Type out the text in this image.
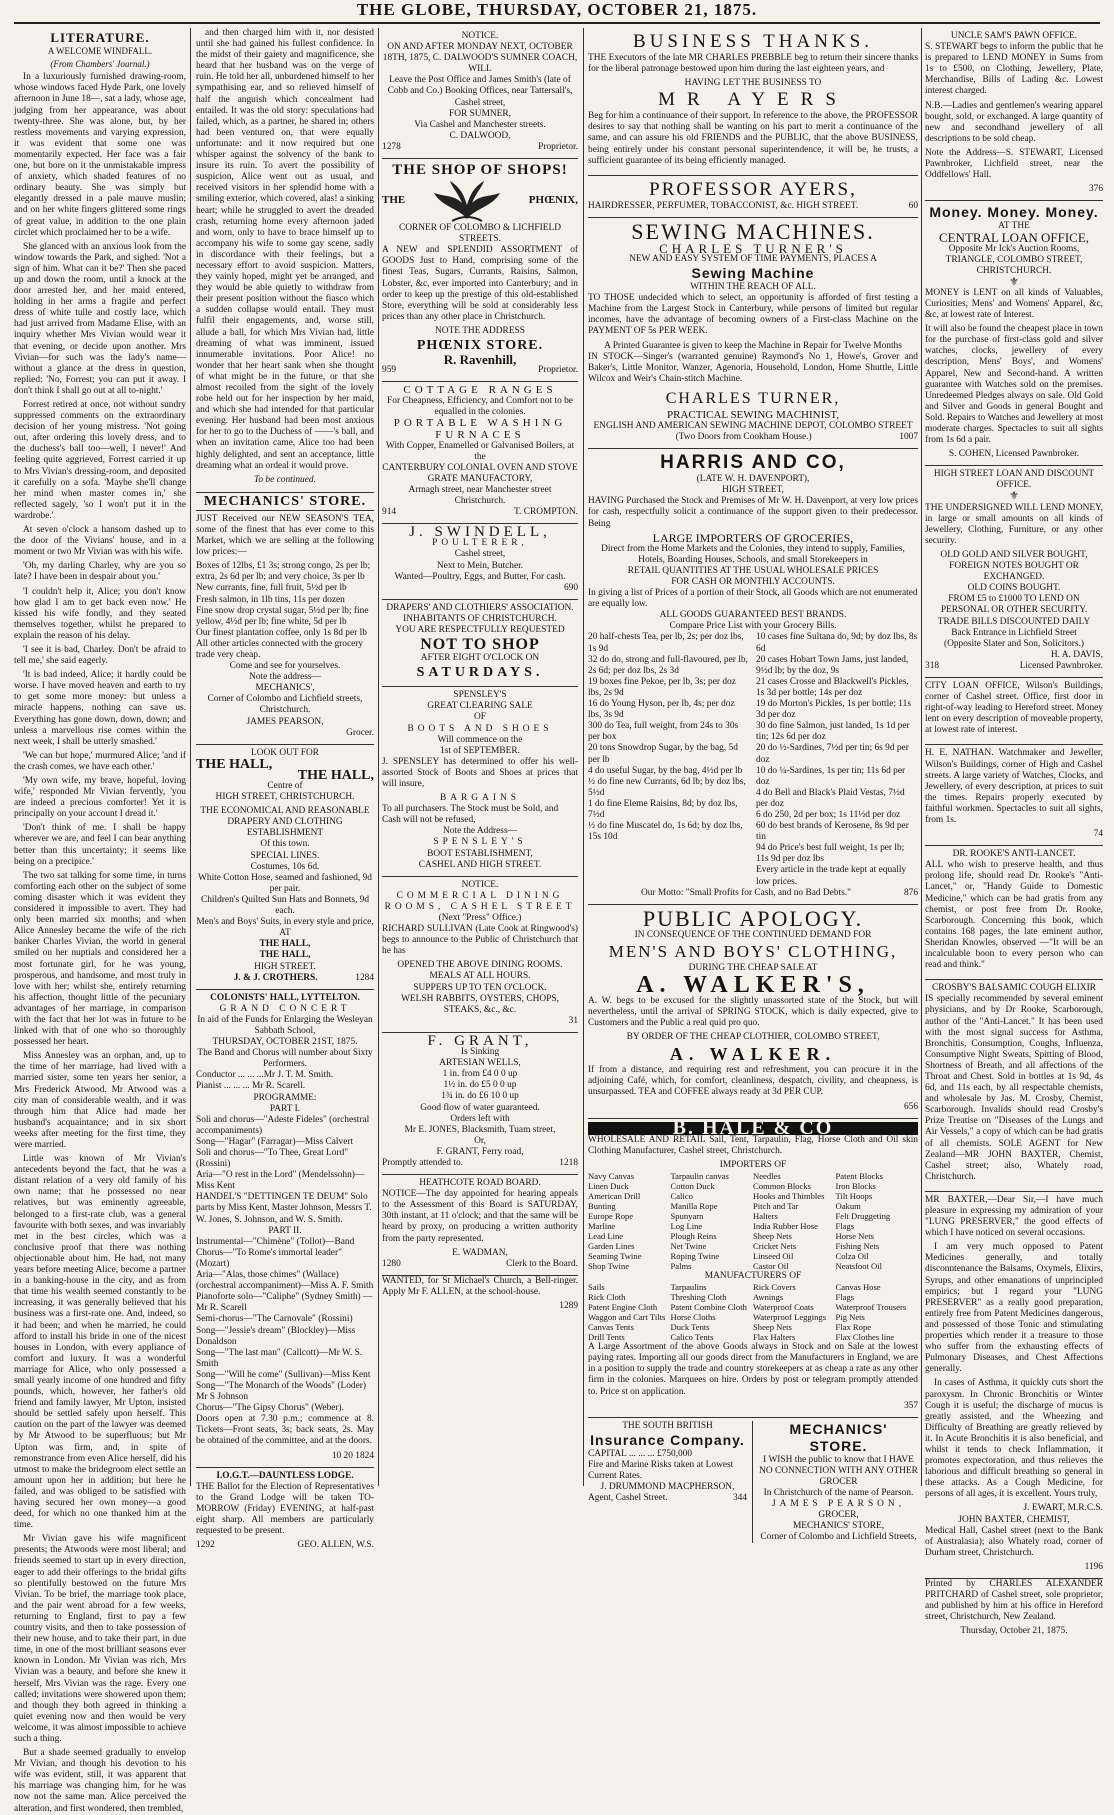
THE GLOBE, THURSDAY, OCTOBER 21, 1875.
LITERATURE.
A WELCOME WINDFALL.
(From Chambers' Journal.)

In a luxuriously furnished drawing-room, whose windows faced Hyde Park, one lovely afternoon in June 18—, sat a lady, whose age, judging from her appearance, was about twenty-three. She was alone, but, by her restless movements and varying expression, it was evident that some one was momentarily expected. Her face was a fair one, but bore on it the unmistakable impress of anxiety, which shaded features of no ordinary beauty. She was simply but elegantly dressed in a pale mauve muslin; and on her white fingers glittered some rings of great value, in addition to the one plain circlet which proclaimed her to be a wife.

She glanced with an anxious look from the window towards the Park, and sighed. 'Not a sign of him. What can it be?' Then she paced up and down the room, until a knock at the door arrested her, and her maid entered, holding in her arms a fragile and perfect dress of white tulle and costly lace, which had just arrived from Madame Elise, with an inquiry whether Mrs Vivian would wear it that evening, or decide upon another. Mrs Vivian—for such was the lady's name—without a glance at the dress in question, replied: 'No, Forrest; you can put it away. I don't think I shall go out at all to-night.'

Forrest retired at once, not without sundry suppressed comments on the extraordinary decision of her young mistress. 'Not going out, after ordering this lovely dress, and to the duchess's ball too—well, I never!' And feeling quite aggrieved, Forrest carried it up to Mrs Vivian's dressing-room, and deposited it carefully on a sofa. 'Maybe she'll change her mind when master comes in,' she reflected sagely, 'so I won't put it in the wardrobe.'

At seven o'clock a hansom dashed up to the door of the Vivians' house, and in a moment or two Mr Vivian was with his wife.

'Oh, my darling Charley, why are you so late? I have been in despair about you.'

'I couldn't help it, Alice; you don't know how glad I am to get back even now.' He kissed his wife fondly, and they seated themselves together, whilst he prepared to explain the reason of his delay.

'I see it is bad, Charley. Don't be afraid to tell me,' she said eagerly.

'It is bad indeed, Alice; it hardly could be worse. I have moved heaven and earth to try to get some more money: but unless a miracle happens, nothing can save us. Everything has gone down, down, down; and unless a marvellous rise comes within the next week, I shall be utterly smashed.'

'We can but hope,' murmured Alice; 'and if the crash comes, we have each other.'

'My own wife, my brave, hopeful, loving wife,' responded Mr Vivian fervently, 'you are indeed a precious comforter! Yet it is principally on your account I dread it.'

'Don't think of me. I shall be happy wherever we are, and feel I can bear anything better than this uncertainty; it seems like being on a precipice.'

The two sat talking for some time, in turns comforting each other on the subject of some coming disaster which it was evident they considered it impossible to avert. They had only been married six months; and when Alice Annesley became the wife of the rich banker Charles Vivian, the world in general smiled on her nuptials and considered her a most fortunate girl, for he was young, prosperous, and handsome, and most truly in love with her; whilst she, entirely returning his affection, thought little of the pecuniary advantages of her marriage, in comparison with the fact that her lot was in future to be linked with that of one who so thoroughly possessed her heart.

Miss Annesley was an orphan, and, up to the time of her marriage, had lived with a married sister, some ten years her senior, a Mrs Frederick Atwood. Mr Atwood was a city man of considerable wealth, and it was through him that Alice had made her husband's acquaintance; and in six short weeks after meeting for the first time, they were married.

Little was known of Mr Vivian's antecedents beyond the fact, that he was a distant relation of a very old family of his own name; that he possessed no near relatives, but was eminently agreeable, belonged to a first-rate club, was a general favourite with both sexes, and was invariably met in the best circles, which was a conclusive proof that there was nothing objectionable about him. He had, not many years before meeting Alice, become a partner in a banking-house in the city, and as from that time his wealth seemed constantly to be increasing, it was generally believed that his business was a first-rate one. And, indeed, so it had been; and when he married, he could afford to install his bride in one of the nicest houses in London, with every appliance of comfort and luxury. It was a wonderful marriage for Alice, who only possessed a small yearly income of one hundred and fifty pounds, which, however, her father's old friend and family lawyer, Mr Upton, insisted should be settled safely upon herself. This caution on the part of the lawyer was deemed by Mr Atwood to be superfluous; but Mr Upton was firm, and, in spite of remonstrance from even Alice herself, did his utmost to make the bridegroom elect settle an amount upon her in addition; but here he failed, and was obliged to be satisfied with having secured her own money—a good deed, for which no one thanked him at the time.

Mr Vivian gave his wife magnificent presents; the Atwoods were most liberal; and friends seemed to start up in every direction, eager to add their offerings to the bridal gifts so plentifully bestowed on the future Mrs Vivian. To be brief, the marriage took place, and the pair went abroad for a few weeks, returning to England, first to pay a few country visits, and then to take possession of their new house, and to take their part, in due time, in one of the most brilliant seasons ever known in London. Mr Vivian was rich, Mrs Vivian was a beauty, and before she knew it herself, Mrs Vivian was the rage. Every one called; invitations were showered upon them; and though they both agreed in thinking a quiet evening now and then would be very welcome, it was almost impossible to achieve such a thing.

But a shade seemed gradually to envelop Mr Vivian, and though his devotion to his wife was evident, still, it was apparent that his marriage was changing him, for he was now not the same man. Alice perceived the alteration, and first wondered, then trembled,

and then charged him with it, nor desisted until she had gained his fullest confidence. In the midst of their gaiety and magnificence, she heard that her husband was on the verge of ruin. He told her all, unburdened himself to her sympathising ear, and so relieved himself of half the anguish which concealment had entailed. It was the old story: speculations had failed, which, as a partner, he shared in; others had been ventured on, that were equally unfortunate: and it now required but one whisper against the solvency of the bank to insure its ruin. To avert the possibility of suspicion, Alice went out as usual, and received visitors in her splendid home with a smiling exterior, which covered, alas! a sinking heart; while he struggled to avert the dreaded crash, returning home every afternoon jaded and worn, only to have to brace himself up to accompany his wife to some gay scene, sadly in discordance with their feelings, but a necessary effort to avoid suspicion. Matters, they vainly hoped, might yet be arranged, and they would be able quietly to withdraw from their present position without the fiasco which a sudden collapse would entail. They must fulfil their engagements, and, worse still, allude a ball, for which Mrs Vivian had, little dreaming of what was imminent, issued innumerable invitations. Poor Alice! no wonder that her heart sank when she thought of what might be in the future, or that she almost recoiled from the sight of the lovely robe held out for her inspection by her maid, and which she had intended for that particular evening. Her husband had been most anxious for her to go to the Duchess of ——'s ball, and when an invitation came, Alice too had been highly delighted, and sent an acceptance, little dreaming what an ordeal it would prove.

To be continued.
MECHANICS' STORE.

JUST Received our NEW SEASON'S TEA, some of the finest that has ever come to this Market, which we are selling at the following low prices:—

Boxes of 12lbs, £1 3s; strong congo, 2s per lb; extra, 2s 6d per lb; and very choice, 3s per lb
New currants, fine, full fruit, 5½d per lb
Fresh salmon, in 1lb tins, 11s per dozen
Fine snow drop crystal sugar, 5½d per lb; fine yellow, 4½d per lb; fine white, 5d per lb
Our finest plantation coffee, only 1s 8d per lb
All other articles connected with the grocery trade very cheap.
Come and see for yourselves.
Note the address—
MECHANICS',
Corner of Colombo and Lichfield streets, Christchurch.
JAMES PEARSON,
Grocer.
LOOK OUT FOR
THE HALL,
THE HALL,
Centre of
HIGH STREET, CHRISTCHURCH.
THE ECONOMICAL AND REASONABLE DRAPERY AND CLOTHING ESTABLISHMENT
Of this town.
SPECIAL LINES.
Costumes, 10s 6d.
White Cotton Hose, seamed and fashioned, 9d per pair.
Children's Quilted Sun Hats and Bonnets, 9d each.
Men's and Boys' Suits, in every style and price,
AT
THE HALL,
THE HALL,
HIGH STREET.
J. & J. CROTHERS.	1284
COLONISTS' HALL, LYTTELTON.
GRAND CONCERT
In aid of the Funds for Enlarging the Wesleyan Sabbath School,
THURSDAY, OCTOBER 21ST, 1875.
The Band and Chorus will number about Sixty Performers.
Conductor ... ... ...Mr J. T. M. Smith.
Pianist ... ... ... Mr R. Scarell.
PROGRAMME:
PART I.
Soli and chorus—"Adeste Fideles" (orchestral accompaniments)
Song—"Hagar" (Farragar)—Miss Calvert
Soli and chorus—"To Thee, Great Lord" (Rossini)
Aria—"O rest in the Lord" (Mendelssohn)—Miss Kent
HANDEL'S "DETTINGEN TE DEUM" Solo parts by Miss Kent, Master Johnson, Messrs T. W. Jones, S. Johnson, and W. S. Smith.
PART II.
Instrumental—"Chimène" (Tollot)—Band
Chorus—"To Rome's immortal leader" (Mozart)
Aria—"Alas, those chimes" (Wallace) (orchestral accompaniment)—Miss A. F. Smith
Pianoforte solo—"Caliphe" (Sydney Smith) —Mr R. Scarell
Semi-chorus—"The Carnovale" (Rossini)
Song—"Jessie's dream" (Blockley)—Miss Donaldson
Song—"The last man" (Callcott)—Mr W. S. Smith
Song—"Will he come" (Sullivan)—Miss Kent
Song—"The Monarch of the Woods" (Loder) Mr S Johnson
Chorus—"The Gipsy Chorus" (Weber).

Doors open at 7.30 p.m.; commence at 8. Tickets—Front seats, 3s; back seats, 2s. May be obtained of the committee, and at the doors.

10 20 1824
I.O.G.T.—DAUNTLESS LODGE.

THE Ballot for the Election of Representatives to the Grand Lodge will be taken TO-MORROW (Friday) EVENING, at half-past eight sharp. All members are particularly requested to be present.

1292	GEO. ALLEN, W.S.
NOTICE.
ON AND AFTER MONDAY NEXT, OCTOBER 18TH, 1875, C. DALWOOD'S SUMNER COACH,
WILL
Leave the Post Office and James Smith's (late of Cobb and Co.) Booking Offices, near Tattersall's, Cashel street,
FOR SUMNER,
Via Cashel and Manchester streets.
C. DALWOOD,
1278	Proprietor.
THE SHOP OF SHOPS!
THE	PHŒNIX,
CORNER OF COLOMBO & LICHFIELD STREETS.

A NEW and SPLENDID ASSORTMENT of GOODS Just to Hand, comprising some of the finest Teas, Sugars, Currants, Raisins, Salmon, Lobster, &c, ever imported into Canterbury; and in order to keep up the prestige of this old-established Store, everything will be sold at considerably less prices than any other place in Christchurch.

NOTE THE ADDRESS
PHŒNIX STORE.
R. Ravenhill,
959	Proprietor.
COTTAGE RANGES
For Cheapness, Efficiency, and Comfort not to be equalled in the colonies.
PORTABLE WASHING FURNACES
With Copper, Enamelled or Galvanised Boilers, at the
CANTERBURY COLONIAL OVEN AND STOVE GRATE MANUFACTORY,
Armagh street, near Manchester street Christchurch.
914	T. CROMPTON.
J. SWINDELL,
POULTERER,
Cashel street,
Next to Mein, Butcher.
Wanted—Poultry, Eggs, and Butter, For cash.
690
DRAPERS' AND CLOTHIERS' ASSOCIATION.
INHABITANTS OF CHRISTCHURCH.
YOU ARE RESPECTFULLY REQUESTED
NOT TO SHOP
AFTER EIGHT O'CLOCK ON
SATURDAYS.
SPENSLEY'S
GREAT CLEARING SALE
OF
BOOTS AND SHOES
Will commence on the
1st of SEPTEMBER.

J. SPENSLEY has determined to offer his well-assorted Stock of Boots and Shoes at prices that will insure,

BARGAINS
To all purchasers. The Stock must be Sold, and Cash will not be refused,
Note the Address—
SPENSLEY'S
BOOT ESTABLISHMENT,
CASHEL AND HIGH STREET.
NOTICE.
COMMERCIAL DINING ROOMS, CASHEL STREET
(Next "Press" Office.)

RICHARD SULLIVAN (Late Cook at Ringwood's) begs to announce to the Public of Christchurch that he has

OPENED THE ABOVE DINING ROOMS.
MEALS AT ALL HOURS.
SUPPERS UP TO TEN O'CLOCK.
WELSH RABBITS, OYSTERS, CHOPS, STEAKS, &c., &c.
31
F. GRANT,
Is Sinking
ARTESIAN WELLS,
1 in. from £4 0 0 up
1½ in. do £5 0 0 up
1¾ in. do £6 10 0 up
Good flow of water guaranteed.
Orders left with
Mr E. JONES, Blacksmith, Tuam street,
Or,
F. GRANT, Ferry road,
Promptly attended to.	1218
HEATHCOTE ROAD BOARD.

NOTICE—The day appointed for hearing appeals to the Assessment of this Board is SATURDAY, 30th instant, at 11 o'clock; and that the same will be heard by proxy, on producing a written authority from the party represented.

E. WADMAN,
1280	Clerk to the Board.

WANTED, for St Michael's Church, a Bell-ringer. Apply Mr F. ALLEN, at the school-house.

1289
BUSINESS THANKS.

THE Executors of the late MR CHARLES PREBBLE beg to return their sincere thanks for the liberal patronage bestowed upon him during the last eighteen years, and

HAVING LET THE BUSINESS TO
MR AYERS

Beg for him a continuance of their support. In reference to the above, the PROFESSOR desires to say that nothing shall be wanting on his part to merit a continuance of the same, and can assure his old FRIENDS and the PUBLIC, that the above BUSINESS, being entirely under his constant personal superintendence, it will be, he trusts, a sufficient guarantee of its being efficiently managed.

PROFESSOR AYERS,
HAIRDRESSER, PERFUMER, TOBACCONIST, &c. HIGH STREET.	60
SEWING MACHINES.
CHARLES TURNER'S
NEW AND EASY SYSTEM OF TIME PAYMENTS, PLACES A
Sewing Machine
WITHIN THE REACH OF ALL.

TO THOSE undecided which to select, an opportunity is afforded of first testing a Machine from the Largest Stock in Canterbury, while persons of limited but regular incomes, have the advantage of becoming owners of a First-class Machine on the PAYMENT OF 5s PER WEEK.

A Printed Guarantee is given to keep the Machine in Repair for Twelve Months

IN STOCK—Singer's (warranted genuine) Raymond's No 1, Howe's, Grover and Baker's, Little Monitor, Wanzer, Agenoria, Household, London, Home Shuttle, Little Wilcox and Weir's Chain-stitch Machine.

CHARLES TURNER,
PRACTICAL SEWING MACHINIST,
ENGLISH AND AMERICAN SEWING MACHINE DEPOT, COLOMBO STREET
(Two Doors from Cookham House.)	1007
HARRIS AND CO,
(LATE W. H. DAVENPORT),
HIGH STREET,

HAVING Purchased the Stock and Premises of Mr W. H. Davenport, at very low prices for cash, respectfully solicit a continuance of the support given to their predecessor. Being

LARGE IMPORTERS OF GROCERIES,
Direct from the Home Markets and the Colonies, they intend to supply, Families, Hotels, Boarding Houses, Schools, and small Storekeepers in
RETAIL QUANTITIES AT THE USUAL WHOLESALE PRICES
FOR CASH OR MONTHLY ACCOUNTS.
In giving a list of Prices of a portion of their Stock, all Goods which are not enumerated are equally low.
ALL GOODS GUARANTEED BEST BRANDS.
Compare Price List with your Grocery Bills.
20 half-chests Tea, per lb, 2s; per doz lbs, 1s 9d
32 do do, strong and full-flavoured, per lb, 2s 6d; per doz lbs, 2s 3d
19 boxes fine Pekoe, per lb, 3s; per doz lbs, 2s 9d
16 do Young Hyson, per lb, 4s; per doz lbs, 3s 9d
300 do Tea, full weight, from 24s to 30s per box
20 tons Snowdrop Sugar, by the bag, 5d per lb
4 do useful Sugar, by the bag, 4½d per lb
½ do fine new Currants, 6d lb; by doz lbs, 5½d
1 do fine Eleme Raisins, 8d; by doz lbs, 7½d
½ do fine Muscatel do, 1s 6d; by doz lbs, 15s 10d
10 cases fine Sultana do, 9d; by doz lbs, 8s 6d
20 cases Hobart Town Jams, just landed, 9½d lb; by the doz, 9s
21 cases Crosse and Blackwell's Pickles, 1s 3d per bottle; 14s per doz
19 do Morton's Pickles, 1s per bottle; 11s 3d per doz
30 do fine Salmon, just landed, 1s 1d per tin; 12s 6d per doz
20 do ½-Sardines, 7½d per tin; 6s 9d per doz
10 do ¼-Sardines, 1s per tin; 11s 6d per doz
4 do Bell and Black's Plaid Vestas, 7½d per doz
6 do 250, 2d per box; 1s 11½d per doz
60 do best brands of Kerosene, 8s 9d per tin
94 do Price's best full weight, 1s per lb; 11s 9d per doz lbs
Every article in the trade kept at equally low prices.
Our Motto: "Small Profits for Cash, and no Bad Debts."	876
PUBLIC APOLOGY.
IN CONSEQUENCE OF THE CONTINUED DEMAND FOR
MEN'S AND BOYS' CLOTHING,
DURING THE CHEAP SALE AT
A. WALKER'S,

A. W. begs to be excused for the slightly unassorted state of the Stock, but will nevertheless, until the arrival of SPRING STOCK, which is daily expected, give to Customers and the Public a real quid pro quo.

BY ORDER OF THE CHEAP CLOTHIER, COLOMBO STREET,
A. WALKER.

If from a distance, and requiring rest and refreshment, you can procure it in the adjoining Café, which, for comfort, cleanliness, despatch, civility, and cheapness, is unsurpassed. TEA and COFFEE always ready at 3d PER CUP.

656
B. HALE & CO

WHOLESALE AND RETAIL Sail, Tent, Tarpaulin, Flag, Horse Cloth and Oil skin Clothing Manufacturer, Cashel street, Christchurch.

IMPORTERS OF
Navy Canvas	Tarpaulin canvas	Needles	Patent Blocks
Linen Duck	Cotton Duck	Common Blocks	Iron Blocks
American Drill	Calico	Hooks and Thimbles	Tilt Hoops
Bunting	Manilla Rope	Pitch and Tar	Oakum
Europe Rope	Spunyarn	Halters	Felt Druggeting
Marline	Log Line	India Rubber Hose	Flags
Lead Line	Plough Reins	Sheep Nets	Horse Nets
Garden Lines	Net Twine	Cricket Nets	Fishing Nets
Seaming Twine	Roping Twine	Linseed Oil	Colza Oil
Shop Twine	Palms	Castor Oil	Neatsfoot Oil
MANUFACTURERS OF
Sails	Tarpaulins	Rick Covers	Canvas Hose
Rick Cloth	Threshing Cloth	Awnings	Flags
Patent Engine Cloth	Patent Combine Cloth Waterproof Coats	Waterproof Trousers
Waggon and Cart Tilts Horse Cloths	Waterproof Leggings	Pig Nets
Canvas Tents	Duck Tents	Sheep Nets	Flax Rope
Drill Tents	Calico Tents	Flax Halters	Flax Clothes line

A Large Assortment of the above Goods always in Stock and on Sale at the lowest paying rates. Importing all our goods direct from the Manufacturers in England, we are in a position to supply the trade and country storekeepers at as cheap a rate as any other firm in the colonies. Marquees on hire. Orders by post or telegram promptly attended to. Price st on application.

357
THE SOUTH BRITISH
Insurance Company.
CAPITAL ... ... ... £750,000
Fire and Marine Risks taken at Lowest Current Rates.
J. DRUMMOND MACPHERSON,
Agent, Cashel Street.	344
MECHANICS' STORE.
I WISH the public to know that I HAVE NO CONNECTION WITH ANY OTHER GROCER
In Christchurch of the name of Pearson.
JAMES PEARSON,
GROCER,
MECHANICS' STORE,
Corner of Colombo and Lichfield Streets,
UNCLE SAM'S PAWN OFFICE.

S. STEWART begs to inform the public that he is prepared to LEND MONEY in Sums from 1s to £500, on Clothing, Jewellery, Plate, Merchandise, Bills of Lading &c. Lowest interest charged.

N.B.—Ladies and gentlemen's wearing apparel bought, sold, or exchanged. A large quantity of new and secondhand jewellery of all descriptions to be sold cheap.

Note the Address—S. STEWART, Licensed Pawnbroker, Lichfield street, near the Oddfellows' Hall.

376
Money. Money. Money.
AT THE
CENTRAL LOAN OFFICE,
Opposite Mr Ick's Auction Rooms,
TRIANGLE, COLOMBO STREET, CHRISTCHURCH.
⚜

MONEY is LENT on all kinds of Valuables, Curiosities, Mens' and Womens' Apparel, &c, &c, at lowest rate of Interest.

It will also be found the cheapest place in town for the purchase of first-class gold and silver watches, clocks, jewellery of every description, Mens' Boys', and Womens' Apparel, New and Second-hand. A written guarantee with Watches sold on the premises. Unredeemed Pledges always on sale. Old Gold and Silver and Goods in general Bought and Sold. Repairs to Watches and Jewellery at most moderate charges. Spectacles to suit all sights from 1s 6d a pair.

S. COHEN, Licensed Pawnbroker.
HIGH STREET LOAN AND DISCOUNT OFFICE.
⚜

THE UNDERSIGNED WILL LEND MONEY, in large or small amounts on all kinds of Jewellery, Clothing, Furniture, or any other security.

OLD GOLD AND SILVER BOUGHT, FOREIGN NOTES BOUGHT OR EXCHANGED.
OLD COINS BOUGHT.
FROM £5 to £1000 TO LEND ON PERSONAL OR OTHER SECURITY.
TRADE BILLS DISCOUNTED DAILY
Back Entrance in Lichfield Street
(Opposite Slater and Son, Solicitors.)
H. A. DAVIS,
318	Licensed Pawnbroker.

CITY LOAN OFFICE, Wilson's Buildings, corner of Cashel street. Office, first door in right-of-way leading to Hereford street. Money lent on every description of moveable property, at lowest rate of interest.

H. E. NATHAN. Watchmaker and Jeweller, Wilson's Buildings, corner of High and Cashel streets. A large variety of Watches, Clocks, and Jewellery, of every description, at prices to suit the times. Repairs properly executed by faithful workmen. Spectacles to suit all sights, from 1s.

74
DR. ROOKE'S ANTI-LANCET.

ALL who wish to preserve health, and thus prolong life, should read Dr. Rooke's "Anti-Lancet," or, "Handy Guide to Domestic Medicine," which can be had gratis from any chemist, or post free from Dr. Rooke, Scarborough. Concerning this book, which contains 168 pages, the late eminent author, Sheridan Knowles, observed —"It will be an incalculable boon to every person who can read and think."

CROSBY'S BALSAMIC COUGH ELIXIR

IS specially recommended by several eminent physicians, and by Dr Rooke, Scarborough, author of the "Anti-Lancet." It has been used with the most signal success for Asthma, Bronchitis, Consumption, Coughs, Influenza, Consumptive Night Sweats, Spitting of Blood, Shortness of Breath, and all affections of the Throat and Chest. Sold in bottles at 1s 9d, 4s 6d, and 11s each, by all respectable chemists, and wholesale by Jas. M. Crosby, Chemist, Scarborough. Invalids should read Crosby's Prize Treatise on "Diseases of the Lungs and Air Vessels," a copy of which can be had gratis of all chemists. SOLE AGENT for New Zealand—MR JOHN BAXTER, Chemist, Cashel street; also, Whately road, Christchurch.

MR BAXTER,—Dear Sir,—I have much pleasure in expressing my admiration of your "LUNG PRESERVER," the good effects of which I have noticed on several occasions.

I am very much opposed to Patent Medicines generally, and totally disconntenance the Balsams, Oxymels, Elixirs, Syrups, and other emanations of unprincipled empirics; but I regard your "LUNG PRESERVER" as a really good preparation, entirely free from Patent Medicines dangerous, and possessed of those Tonic and stimulating properties which render it a treasure to those who suffer from the exhausting effects of Pulmonary Diseases, and Chest Affections generally.

In cases of Asthma, it quickly cuts short the paroxysm. In Chronic Bronchitis or Winter Cough it is useful; the discharge of mucus is greatly assisted, and the Wheezing and Difficulty of Breathing are greatly relieved by it. In Acute Bronchitis it is also beneficial, and whilst it tends to check Inflammation, it promotes expectoration, and thus relieves the laborious and difficult breathing so general in these attacks. As a Cough Medicine, for persons of all ages, it is excellent. Yours truly,

J. EWART, M.R.C.S.
JOHN BAXTER, CHEMIST,

Medical Hall, Cashel street (next to the Bank of Australasia); also Whately road, corner of Durham street, Christchurch.

1196

Printed by CHARLES ALEXANDER PRITCHARD of Cashel street, sole proprietor, and published by him at his office in Hereford street, Christchurch, New Zealand.

Thursday, October 21, 1875.
